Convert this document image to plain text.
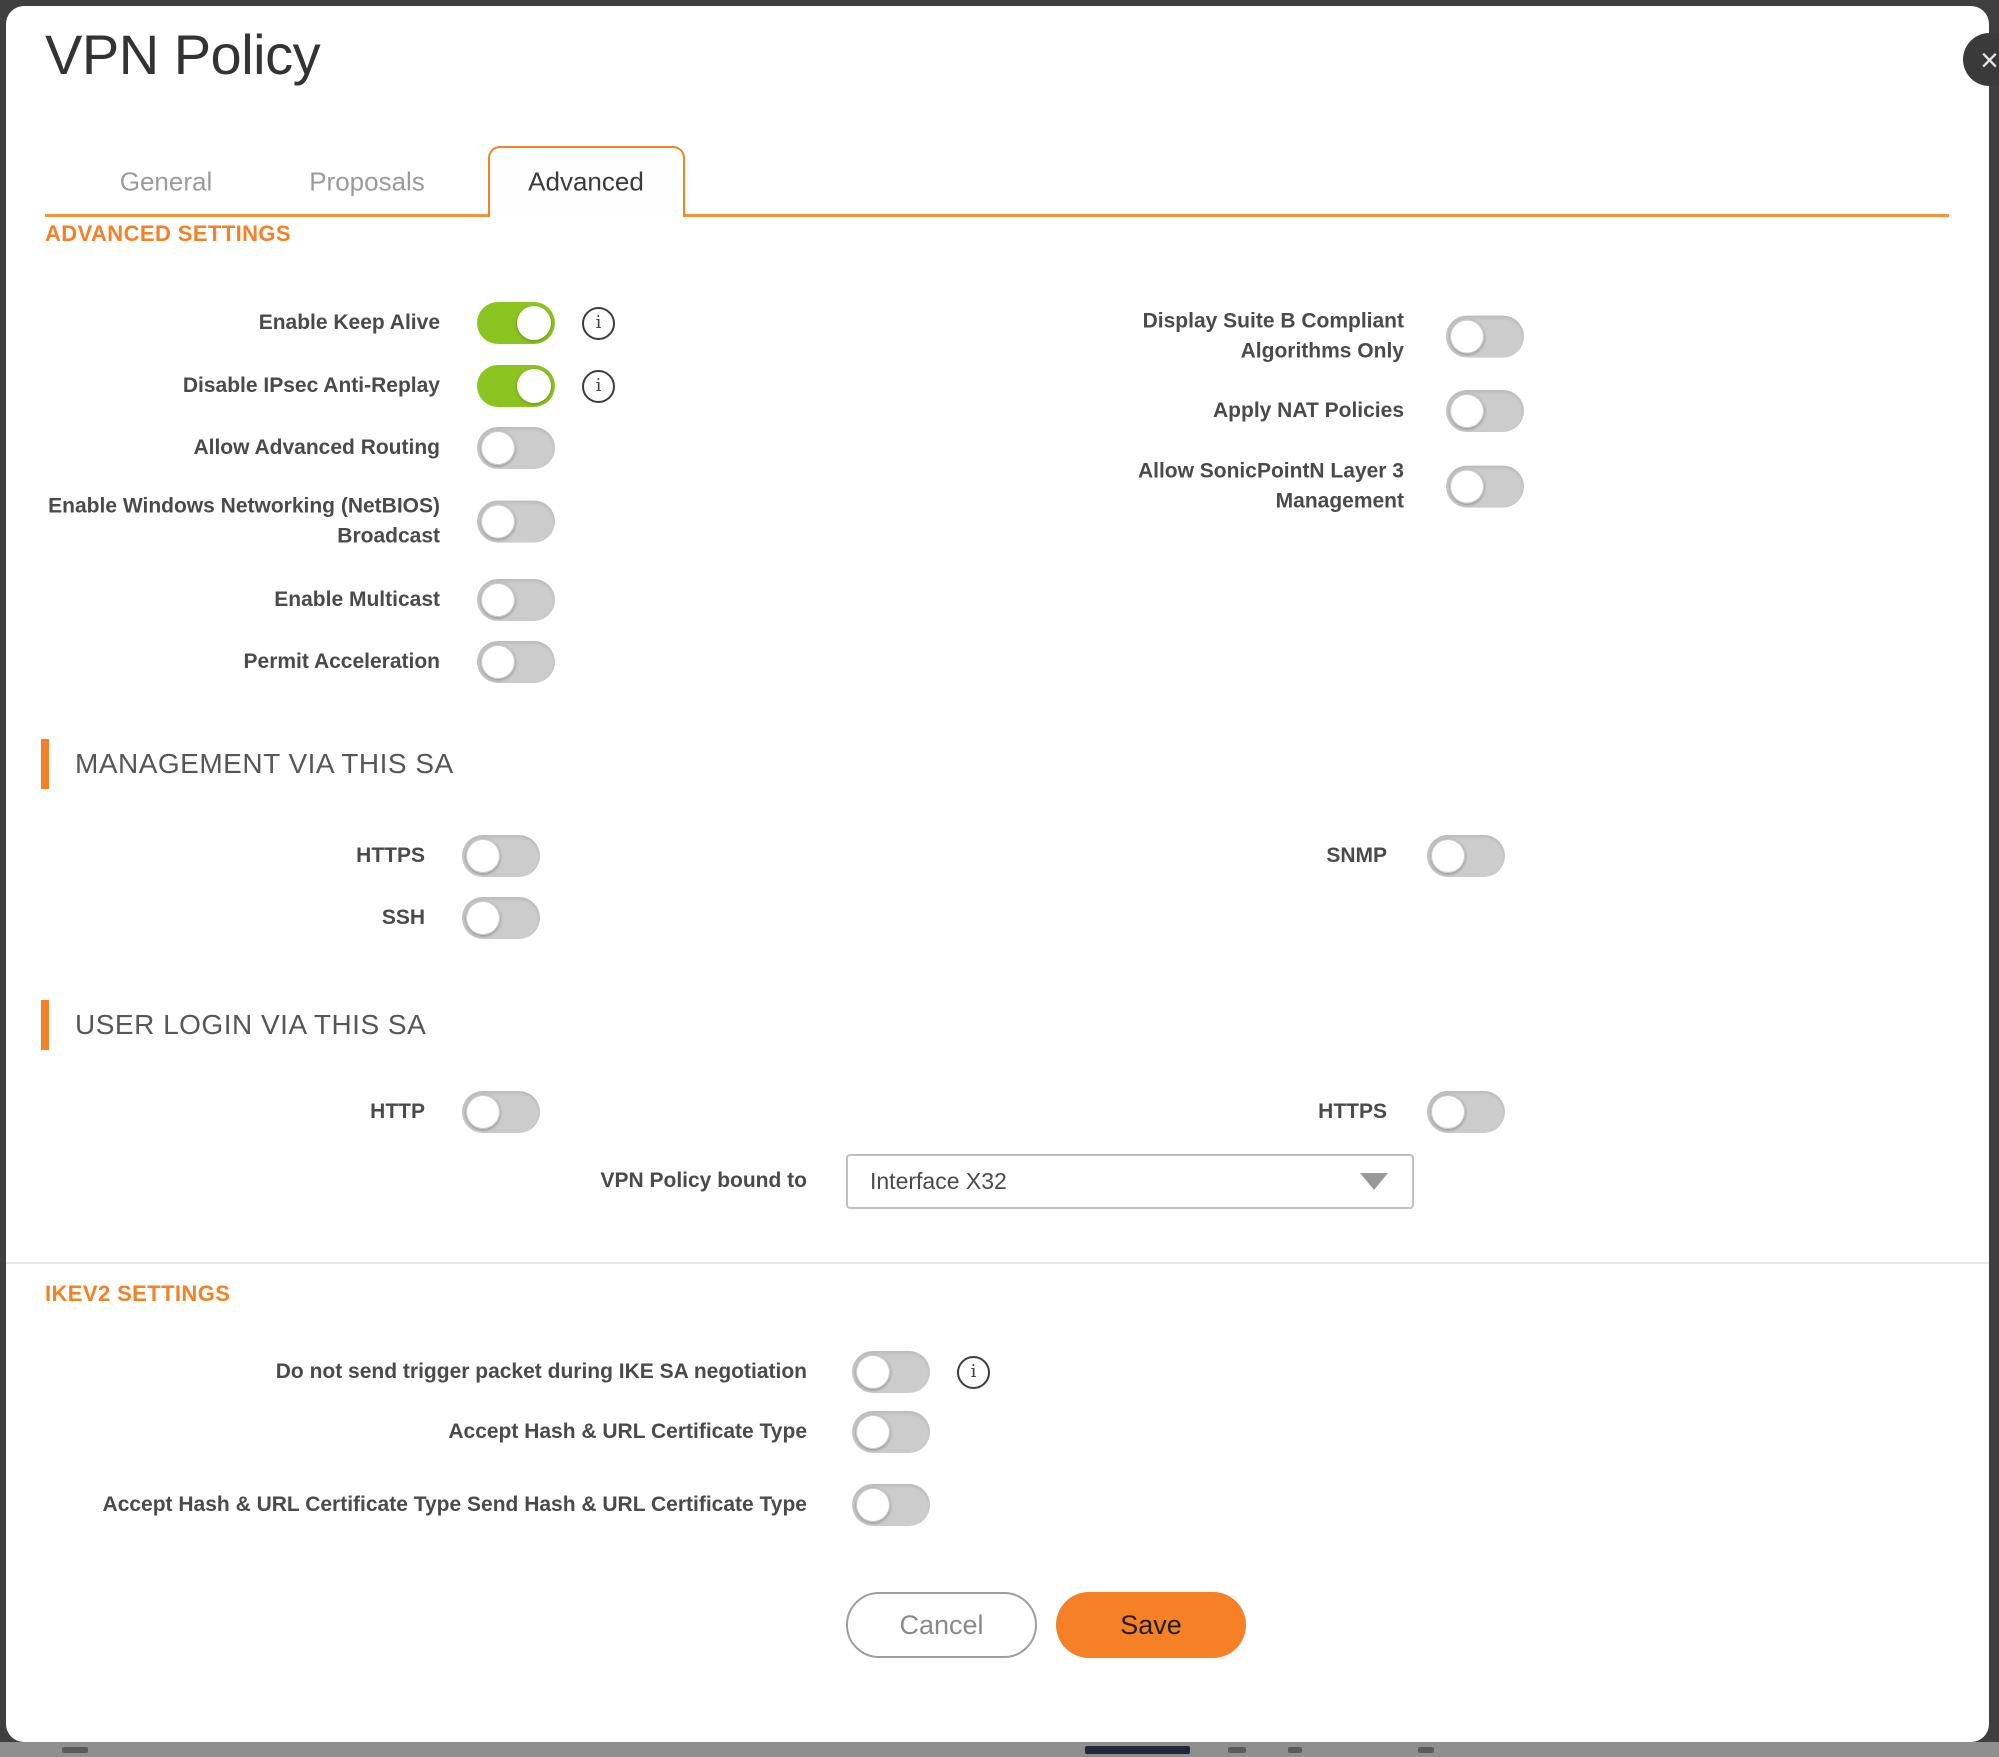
VPN Policy	×
General	Proposals	Advanced
ADVANCED SETTINGS
Enable Keep Alive	i
Disable IPsec Anti-Replay	i
Allow Advanced Routing
Enable Windows Networking (NetBIOS) Broadcast
Enable Multicast
Permit Acceleration
Display Suite B Compliant Algorithms Only
Apply NAT Policies
Allow SonicPointN Layer 3 Management
MANAGEMENT VIA THIS SA
HTTPS
SSH
SNMP
USER LOGIN VIA THIS SA
HTTP	HTTPS
VPN Policy bound to	Interface X32
IKEV2 SETTINGS
Do not send trigger packet during IKE SA negotiation	i
Accept Hash & URL Certificate Type
Accept Hash & URL Certificate Type Send Hash & URL Certificate Type
Cancel	Save
